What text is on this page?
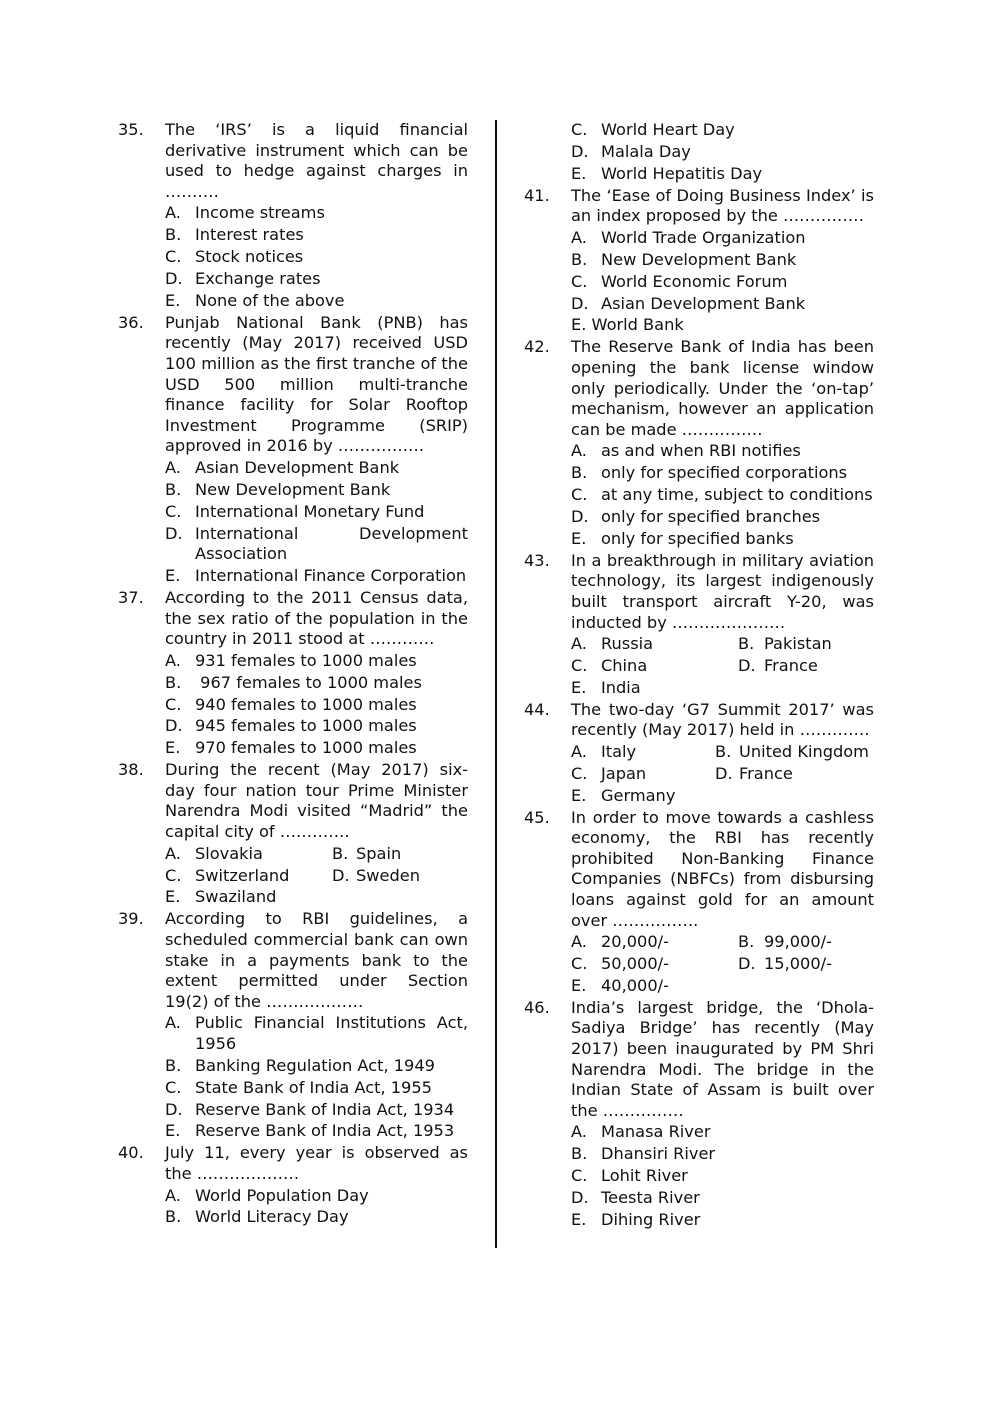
35.	The ‘IRS’ is a liquid financial derivative instrument which can be used to hedge against charges in ……….
A. Income streams
B. Interest rates
C. Stock notices
D. Exchange rates
E. None of the above
36.	Punjab National Bank (PNB) has recently (May 2017) received USD 100 million as the first tranche of the USD 500 million multi-tranche finance facility for Solar Rooftop Investment Programme (SRIP) approved in 2016 by …………….
A. Asian Development Bank
B. New Development Bank
C. International Monetary Fund
D. International Development Association
E. International Finance Corporation
37.	According to the 2011 Census data, the sex ratio of the population in the country in 2011 stood at …………
A. 931 females to 1000 males
B. 967 females to 1000 males
C. 940 females to 1000 males
D. 945 females to 1000 males
E. 970 females to 1000 males
38.	During the recent (May 2017) six-day four nation tour Prime Minister Narendra Modi visited “Madrid” the capital city of ………….
A. Slovakia	B. Spain
C. Switzerland	D. Sweden
E. Swaziland
39.	According to RBI guidelines, a scheduled commercial bank can own stake in a payments bank to the extent permitted under Section 19(2) of the ………………
A. Public Financial Institutions Act, 1956
B. Banking Regulation Act, 1949
C. State Bank of India Act, 1955
D. Reserve Bank of India Act, 1934
E. Reserve Bank of India Act, 1953
40.	July 11, every year is observed as the ……………….
A. World Population Day
B. World Literacy Day
C. World Heart Day
D. Malala Day
E. World Hepatitis Day
41.	The ‘Ease of Doing Business Index’ is an index proposed by the ……………
A. World Trade Organization
B. New Development Bank
C. World Economic Forum
D. Asian Development Bank
E. World Bank
42.	The Reserve Bank of India has been opening the bank license window only periodically. Under the ‘on-tap’ mechanism, however an application can be made ……………
A. as and when RBI notifies
B. only for specified corporations
C. at any time, subject to conditions
D. only for specified branches
E. only for specified banks
43.	In a breakthrough in military aviation technology, its largest indigenously built transport aircraft Y-20, was inducted by …………………
A. Russia	B. Pakistan
C. China	D. France
E. India
44.	The two-day ‘G7 Summit 2017’ was recently (May 2017) held in ………….
A. Italy	B. United Kingdom
C. Japan	D. France
E. Germany
45.	In order to move towards a cashless economy, the RBI has recently prohibited Non-Banking Finance Companies (NBFCs) from disbursing loans against gold for an amount over …………….
A. 20,000/-	B. 99,000/-
C. 50,000/-	D. 15,000/-
E. 40,000/-
46.	India’s largest bridge, the ‘Dhola-Sadiya Bridge’ has recently (May 2017) been inaugurated by PM Shri Narendra Modi. The bridge in the Indian State of Assam is built over the ……………
A. Manasa River
B. Dhansiri River
C. Lohit River
D. Teesta River
E. Dihing River
